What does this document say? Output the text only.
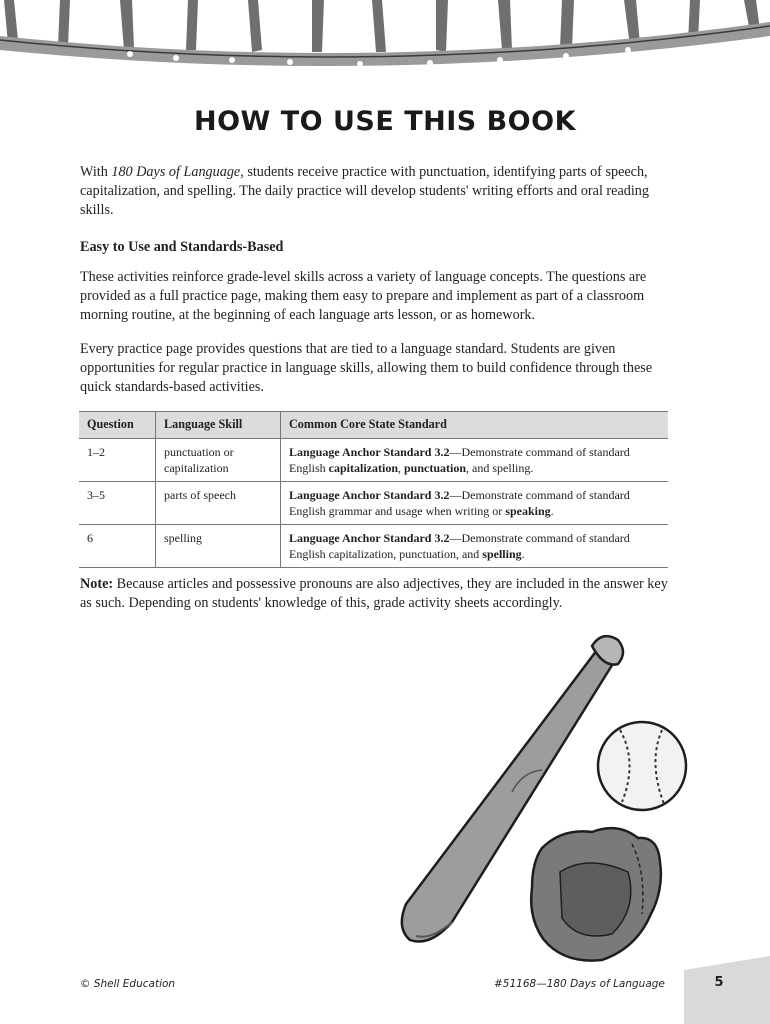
HOW TO USE THIS BOOK

With 180 Days of Language, students receive practice with punctuation, identifying parts of speech, capitalization, and spelling. The daily practice will develop students' writing efforts and oral reading skills.

Easy to Use and Standards-Based

These activities reinforce grade-level skills across a variety of language concepts. The questions are provided as a full practice page, making them easy to prepare and implement as part of a classroom morning routine, at the beginning of each language arts lesson, or as homework.

Every practice page provides questions that are tied to a language standard. Students are given opportunities for regular practice in language skills, allowing them to build confidence through these quick standards-based activities.

Question	Language Skill	Common Core State Standard
1–2	punctuation or capitalization	Language Anchor Standard 3.2—Demonstrate command of standard English capitalization, punctuation, and spelling.
3–5	parts of speech	Language Anchor Standard 3.2—Demonstrate command of standard English grammar and usage when writing or speaking.
6	spelling	Language Anchor Standard 3.2—Demonstrate command of standard English capitalization, punctuation, and spelling.

Note: Because articles and possessive pronouns are also adjectives, they are included in the answer key as such. Depending on students' knowledge of this, grade activity sheets accordingly.

© Shell Education	#51168—180 Days of Language	5
